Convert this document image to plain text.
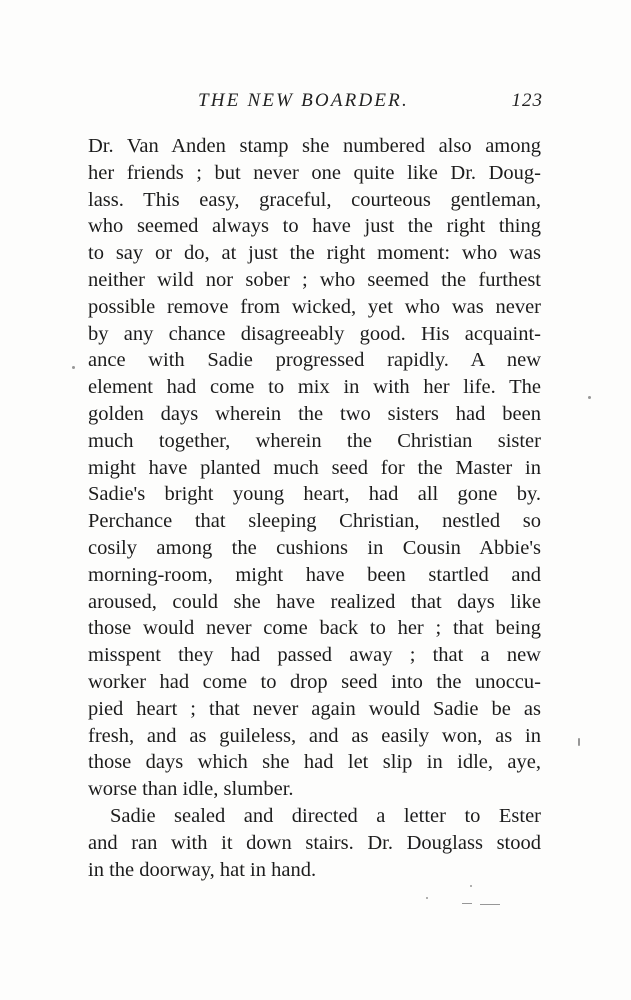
THE NEW BOARDER.	123
Dr. Van Anden stamp she numbered also among
her friends ; but never one quite like Dr. Doug-
lass. This easy, graceful, courteous gentleman,
who seemed always to have just the right thing
to say or do, at just the right moment: who was
neither wild nor sober ; who seemed the furthest
possible remove from wicked, yet who was never
by any chance disagreeably good. His acquaint-
ance with Sadie progressed rapidly. A new
element had come to mix in with her life. The
golden days wherein the two sisters had been
much together, wherein the Christian sister
might have planted much seed for the Master in
Sadie's bright young heart, had all gone by.
Perchance that sleeping Christian, nestled so
cosily among the cushions in Cousin Abbie's
morning-room, might have been startled and
aroused, could she have realized that days like
those would never come back to her ; that being
misspent they had passed away ; that a new
worker had come to drop seed into the unoccu-
pied heart ; that never again would Sadie be as
fresh, and as guileless, and as easily won, as in
those days which she had let slip in idle, aye,
worse than idle, slumber.
Sadie sealed and directed a letter to Ester
and ran with it down stairs. Dr. Douglass stood
in the doorway, hat in hand.
